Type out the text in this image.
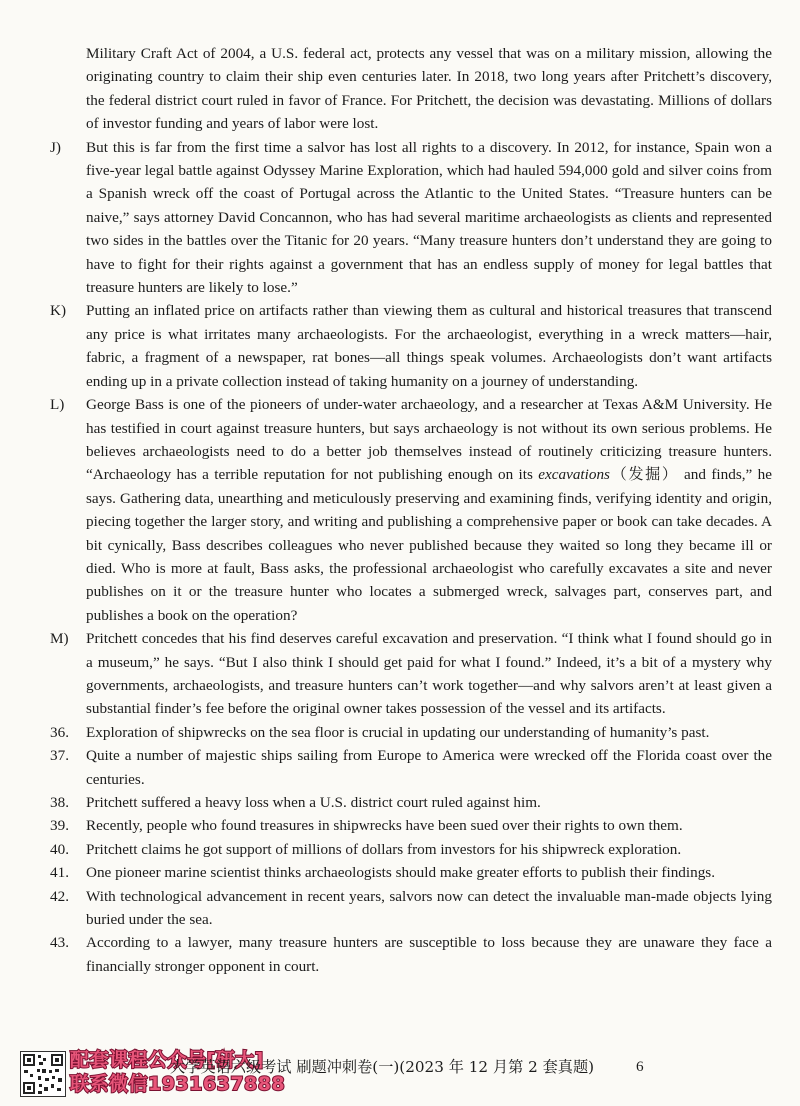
Military Craft Act of 2004, a U.S. federal act, protects any vessel that was on a military mission, allowing the originating country to claim their ship even centuries later. In 2018, two long years after Pritchett’s discovery, the federal district court ruled in favor of France. For Pritchett, the decision was devastating. Millions of dollars of investor funding and years of labor were lost.

J) But this is far from the first time a salvor has lost all rights to a discovery. In 2012, for instance, Spain won a five-year legal battle against Odyssey Marine Exploration, which had hauled 594,000 gold and silver coins from a Spanish wreck off the coast of Portugal across the Atlantic to the United States. “Treasure hunters can be naive,” says attorney David Concannon, who has had several maritime archaeologists as clients and represented two sides in the battles over the Titanic for 20 years. “Many treasure hunters don’t understand they are going to have to fight for their rights against a government that has an endless supply of money for legal battles that treasure hunters are likely to lose.”

K) Putting an inflated price on artifacts rather than viewing them as cultural and historical treasures that transcend any price is what irritates many archaeologists. For the archaeologist, everything in a wreck matters—hair, fabric, a fragment of a newspaper, rat bones—all things speak volumes. Archaeologists don’t want artifacts ending up in a private collection instead of taking humanity on a journey of understanding.

L) George Bass is one of the pioneers of under-water archaeology, and a researcher at Texas A&M University. He has testified in court against treasure hunters, but says archaeology is not without its own serious problems. He believes archaeologists need to do a better job themselves instead of routinely criticizing treasure hunters. “Archaeology has a terrible reputation for not publishing enough on its excavations（发掘） and finds,” he says. Gathering data, unearthing and meticulously preserving and examining finds, verifying identity and origin, piecing together the larger story, and writing and publishing a comprehensive paper or book can take decades. A bit cynically, Bass describes colleagues who never published because they waited so long they became ill or died. Who is more at fault, Bass asks, the professional archaeologist who carefully excavates a site and never publishes on it or the treasure hunter who locates a submerged wreck, salvages part, conserves part, and publishes a book on the operation?

M) Pritchett concedes that his find deserves careful excavation and preservation. “I think what I found should go in a museum,” he says. “But I also think I should get paid for what I found.” Indeed, it’s a bit of a mystery why governments, archaeologists, and treasure hunters can’t work together—and why salvors aren’t at least given a substantial finder’s fee before the original owner takes possession of the vessel and its artifacts.

36. Exploration of shipwrecks on the sea floor is crucial in updating our understanding of humanity’s past.

37. Quite a number of majestic ships sailing from Europe to America were wrecked off the Florida coast over the centuries.

38. Pritchett suffered a heavy loss when a U.S. district court ruled against him.

39. Recently, people who found treasures in shipwrecks have been sued over their rights to own them.

40. Pritchett claims he got support of millions of dollars from investors for his shipwreck exploration.

41. One pioneer marine scientist thinks archaeologists should make greater efforts to publish their findings.

42. With technological advancement in recent years, salvors now can detect the invaluable man-made objects lying buried under the sea.

43. According to a lawyer, many treasure hunters are susceptible to loss because they are unaware they face a financially stronger opponent in court.

配套课程公众号[研大]
联系微信1931637888
大学英语六级考试 刷题冲刺卷(一)(2023 年 12 月第 2 套真题)	6
